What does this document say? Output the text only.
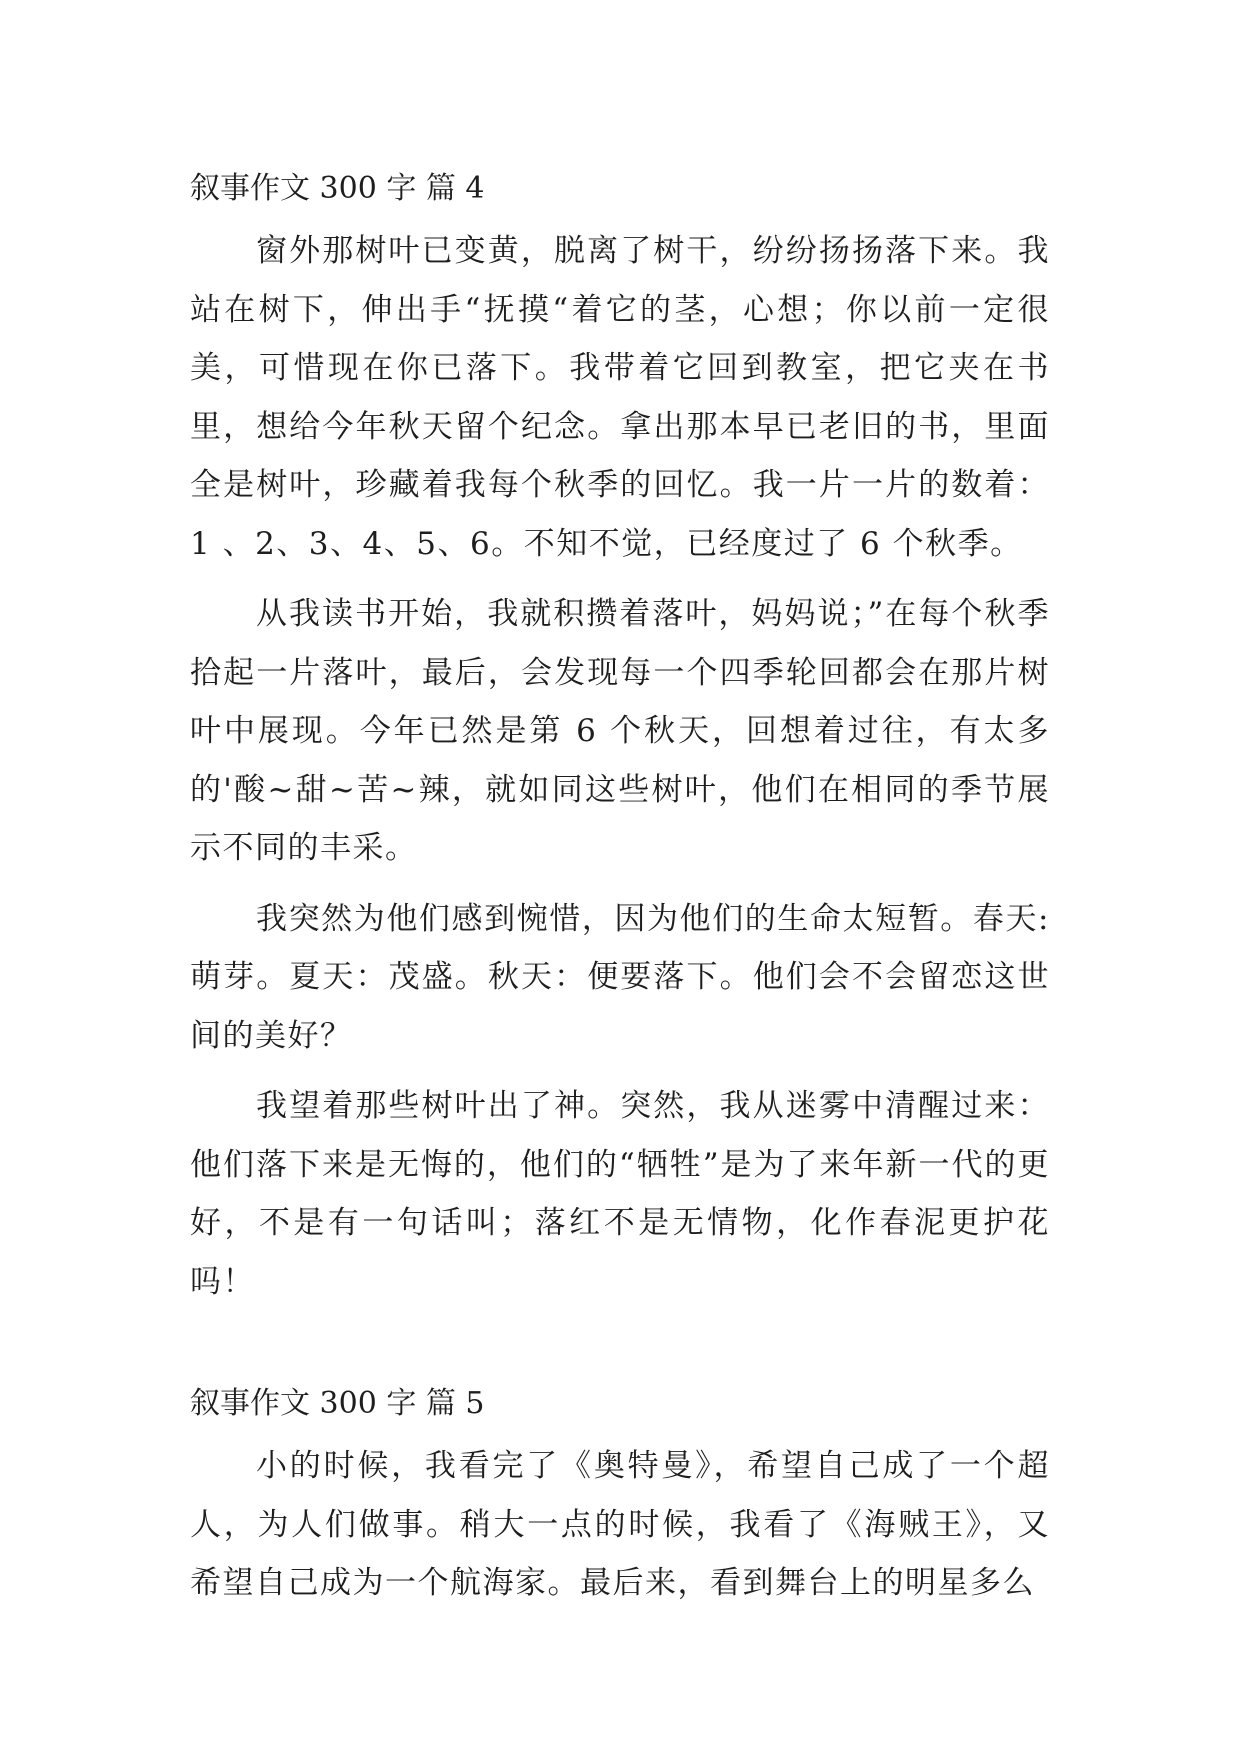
叙事作文 300 字 篇 4

窗外那树叶已变黄，脱离了树干，纷纷扬扬落下来。我站在树下，伸出手“抚摸“着它的茎，心想；你以前一定很美，可惜现在你已落下。我带着它回到教室，把它夹在书里，想给今年秋天留个纪念。拿出那本早已老旧的书，里面全是树叶，珍藏着我每个秋季的回忆。我一片一片的数着：1 、2、3、4、5、6。不知不觉，已经度过了 6 个秋季。

从我读书开始，我就积攒着落叶，妈妈说；”在每个秋季拾起一片落叶，最后，会发现每一个四季轮回都会在那片树叶中展现。今年已然是第 6 个秋天，回想着过往，有太多的'酸~甜~苦~辣，就如同这些树叶，他们在相同的季节展示不同的丰采。

我突然为他们感到惋惜，因为他们的生命太短暂。春天:萌芽。夏天：茂盛。秋天：便要落下。他们会不会留恋这世间的美好？

我望着那些树叶出了神。突然，我从迷雾中清醒过来：他们落下来是无悔的，他们的“牺牲”是为了来年新一代的更好，不是有一句话叫；落红不是无情物，化作春泥更护花吗！

叙事作文 300 字 篇 5

小的时候，我看完了《奥特曼》，希望自己成了一个超人，为人们做事。稍大一点的时候，我看了《海贼王》，又希望自己成为一个航海家。最后来，看到舞台上的明星多么
